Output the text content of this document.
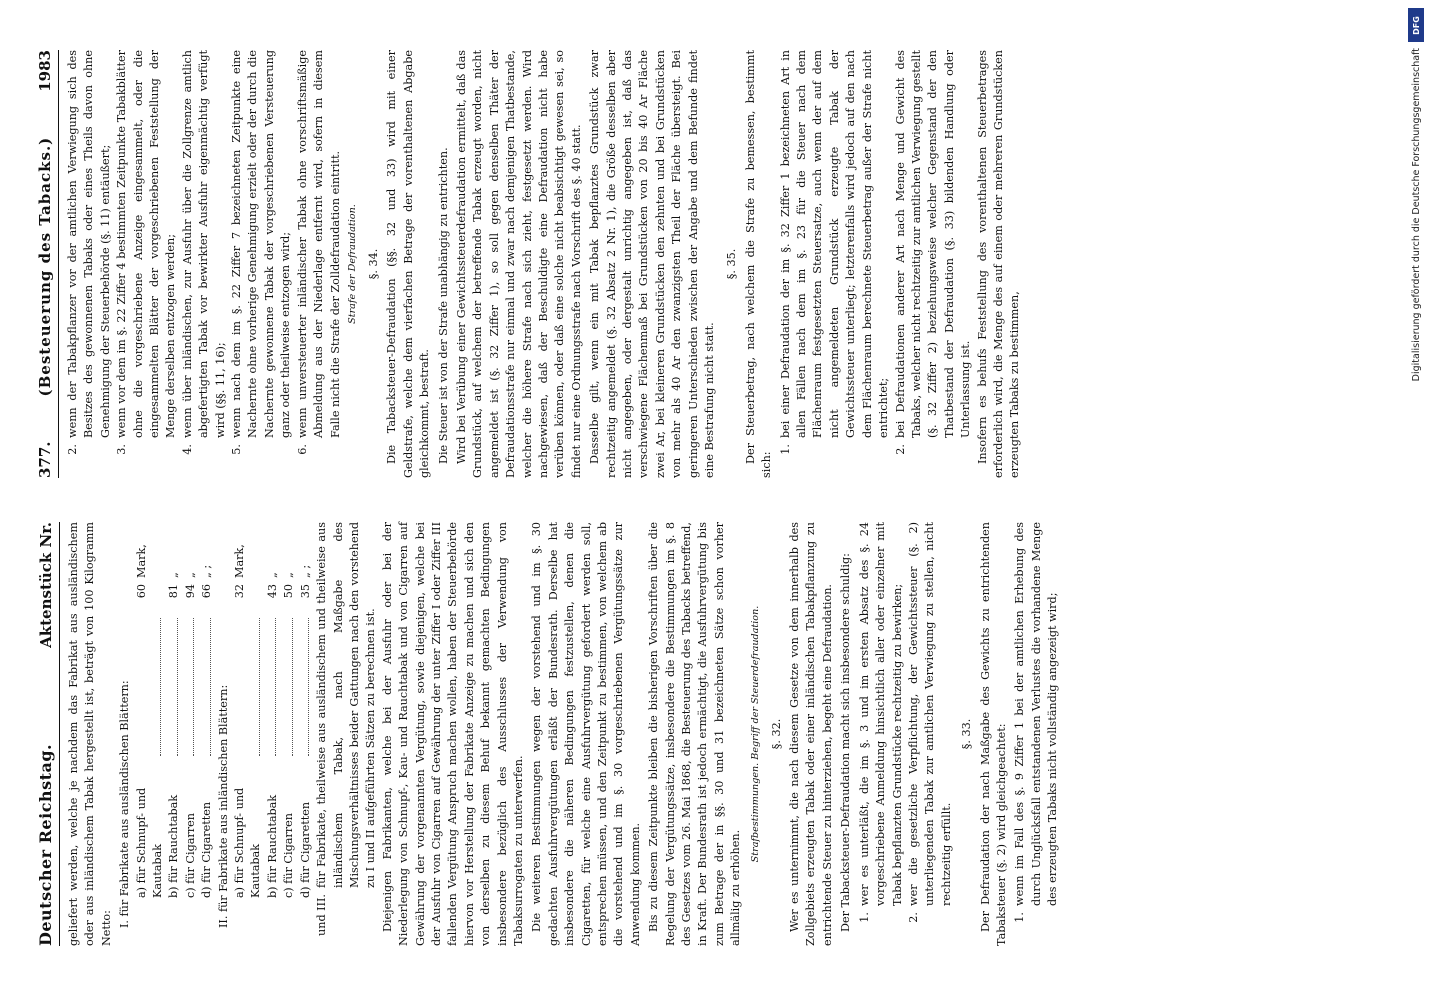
Deutscher Reichstag.
Aktenstück Nr. geliefert werden, welche je nachdem das Fabrikat aus ausländischem oder aus inländischem Tabak hergestellt ist, beträgt von 100 Kilogramm Netto:

I. für Fabrikate aus ausländischen Blättern: a) für Schnupf- und Kautabak
60
Mark,
b) für Rauchtabak
81
„
c) für Cigarren
94
„
d) für Cigaretten
66
„ ;
II. für Fabrikate aus inländischen Blättern: a) für Schnupf- und Kautabak
32
Mark,
b) für Rauchtabak
43
„
c) für Cigarren
50
„
d) für Cigaretten
35
„ ;
und III.
für Fabrikate, theilweise aus ausländischem und theilweise aus inländischem Tabak, nach Maßgabe des Mischungsverhältnisses beider Gattungen nach den vorstehend zu I und II aufgeführten Sätzen zu berechnen ist. Diejenigen Fabrikanten, welche bei der Ausfuhr oder bei der Niederlegung von Schnupf-, Kau- und Rauchtabak und von Cigarren auf Gewährung der vorgenannten Vergütung, sowie diejenigen, welche bei der Ausfuhr von Cigarren auf Gewährung der unter Ziffer I oder Ziffer III fallenden Vergütung Anspruch machen wollen, haben der Steuerbehörde hiervon vor Herstellung der Fabrikate Anzeige zu machen und sich den von derselben zu diesem Behuf bekannt gemachten Bedingungen insbesondere bezüglich des Ausschlusses der Verwendung von Tabaksurrogaten zu unterwerfen. Die weiteren Bestimmungen wegen der vorstehend und im §. 30 gedachten Ausfuhrvergütungen erläßt der Bundesrath. Derselbe hat insbesondere die näheren Bedingungen festzustellen, denen die Cigaretten, für welche eine Ausfuhrvergütung gefordert werden soll, entsprechen müssen, und den Zeitpunkt zu bestimmen, von welchem ab die vorstehend und im §. 30 vorgeschriebenen Vergütungssätze zur Anwendung kommen. Bis zu diesem Zeitpunkte bleiben die bisherigen Vorschriften über die Regelung der Vergütungssätze, insbesondere die Bestimmungen im §. 8 des Gesetzes vom 26. Mai 1868, die Besteuerung des Tabacks betreffend, in Kraft. Der Bundesrath ist jedoch ermächtigt, die Ausfuhrvergütung bis zum Betrage der in §§. 30 und 31 bezeichneten Sätze schon vorher allmälig zu erhöhen.

Strafbestimmungen. Begriff der Steuerdefraudation. §. 32. Wer es unternimmt, die nach diesem Gesetze von dem innerhalb des Zollgebiets erzeugten Tabak oder einer inländischen Tabakpflanzung zu entrichtende Steuer zu hinterziehen, begeht eine Defraudation. Der Tabacksteuer-Defraudation macht sich insbesondere schuldig: 1.
wer es unterläßt, die im §. 3 und im ersten Absatz des §. 24 vorgeschriebene Anmeldung hinsichtlich aller oder einzelner mit Tabak bepflanzten Grundstücke rechtzeitig zu bewirken;
2.
wer die gesetzliche Verpflichtung, der Gewichtssteuer (§. 2) unterliegenden Tabak zur amtlichen Verwiegung zu stellen, nicht rechtzeitig erfüllt.
§. 33. Der Defraudation der nach Maßgabe des Gewichts zu entrichtenden Tabaksteuer (§. 2) wird gleichgeachtet: 1.
wenn im Fall des §. 9 Ziffer 1 bei der amtlichen Erhebung des durch Unglücksfall entstandenen Verlustes die vorhandene Menge des erzeugten Tabaks nicht vollständig angezeigt wird;
377.
(Besteuerung des Tabacks.)
1983
2.
wenn der Tabakpflanzer vor der amtlichen Verwiegung sich des Besitzes des gewonnenen Tabaks oder eines Theils davon ohne Genehmigung der Steuerbehörde (§. 11) entäußert;
3.
wenn vor dem im §. 22 Ziffer 4 bestimmten Zeitpunkte Tabakblätter ohne die vorgeschriebene Anzeige eingesammelt, oder die eingesammelten Blätter der vorgeschriebenen Feststellung der Menge derselben entzogen werden;
4.
wenn über inländischen, zur Ausfuhr über die Zollgrenze amtlich abgefertigten Tabak vor bewirkter Ausfuhr eigenmächtig verfügt wird (§§. 11, 16);
5.
wenn nach dem im §. 22 Ziffer 7 bezeichneten Zeitpunkte eine Nachernte ohne vorherige Genehmigung erzielt oder der durch die Nachernte gewonnene Tabak der vorgeschriebenen Versteuerung ganz oder theilweise entzogen wird;
6.
wenn unversteuerter inländischer Tabak ohne vorschriftsmäßige Abmeldung aus der Niederlage entfernt wird, sofern in diesem Falle nicht die Strafe der Zolldefraudation eintritt. Strafe der Defraudation. §. 34. Die Tabacksteuer-Defraudation (§§. 32 und 33) wird mit einer Geldstrafe, welche dem vierfachen Betrage der vorenthaltenen Abgabe gleichkommt, bestraft. Die Steuer ist von der Strafe unabhängig zu entrichten. Wird bei Verübung einer Gewichtssteuerdefraudation ermittelt, daß das Grundstück, auf welchem der betreffende Tabak erzeugt worden, nicht angemeldet ist (§. 32 Ziffer 1), so soll gegen denselben Thäter der Defraudationsstrafe nur einmal und zwar nach demjenigen Thatbestande, welcher die höhere Strafe nach sich zieht, festgesetzt werden. Wird nachgewiesen, daß der Beschuldigte eine Defraudation nicht habe verüben können, oder daß eine solche nicht beabsichtigt gewesen sei, so findet nur eine Ordnungsstrafe nach Vorschrift des §. 40 statt. Dasselbe gilt, wenn ein mit Tabak bepflanztes Grundstück zwar rechtzeitig angemeldet (§. 32 Absatz 2 Nr. 1), die Größe desselben aber nicht angegeben, oder dergestalt unrichtig angegeben ist, daß das verschwiegene Flächenmaß bei Grundstücken von 20 bis 40 Ar Fläche zwei Ar, bei kleineren Grundstücken den zehnten und bei Grundstücken von mehr als 40 Ar den zwanzigsten Theil der Fläche übersteigt. Bei geringeren Unterschieden zwischen der Angabe und dem Befunde findet eine Bestrafung nicht statt.

§. 35. Der Steuerbetrag, nach welchem die Strafe zu bemessen, bestimmt sich:

1.
bei einer Defraudation der im §. 32 Ziffer 1 bezeichneten Art in allen Fällen nach dem im §. 23 für die Steuer nach dem Flächenraum festgesetzten Steuersatze, auch wenn der auf dem nicht angemeldeten Grundstück erzeugte Tabak der Gewichtssteuer unterliegt; letzterenfalls wird jedoch auf den nach dem Flächenraum berechnete Steuerbetrag außer der Strafe nicht entrichtet;
2.
bei Defraudationen anderer Art nach Menge und Gewicht des Tabaks, welcher nicht rechtzeitig zur amtlichen Verwiegung gestellt (§. 32 Ziffer 2) beziehungsweise welcher Gegenstand der den Thatbestand der Defraudation (§. 33) bildenden Handlung oder Unterlassung ist. Insofern es behufs Feststellung des vorenthaltenen Steuerbetrages erforderlich wird, die Menge des auf einem oder mehreren Grundstücken erzeugten Tabaks zu bestimmen,

DFG
Digitalisierung gefördert durch die Deutsche Forschungsgemeinschaft
